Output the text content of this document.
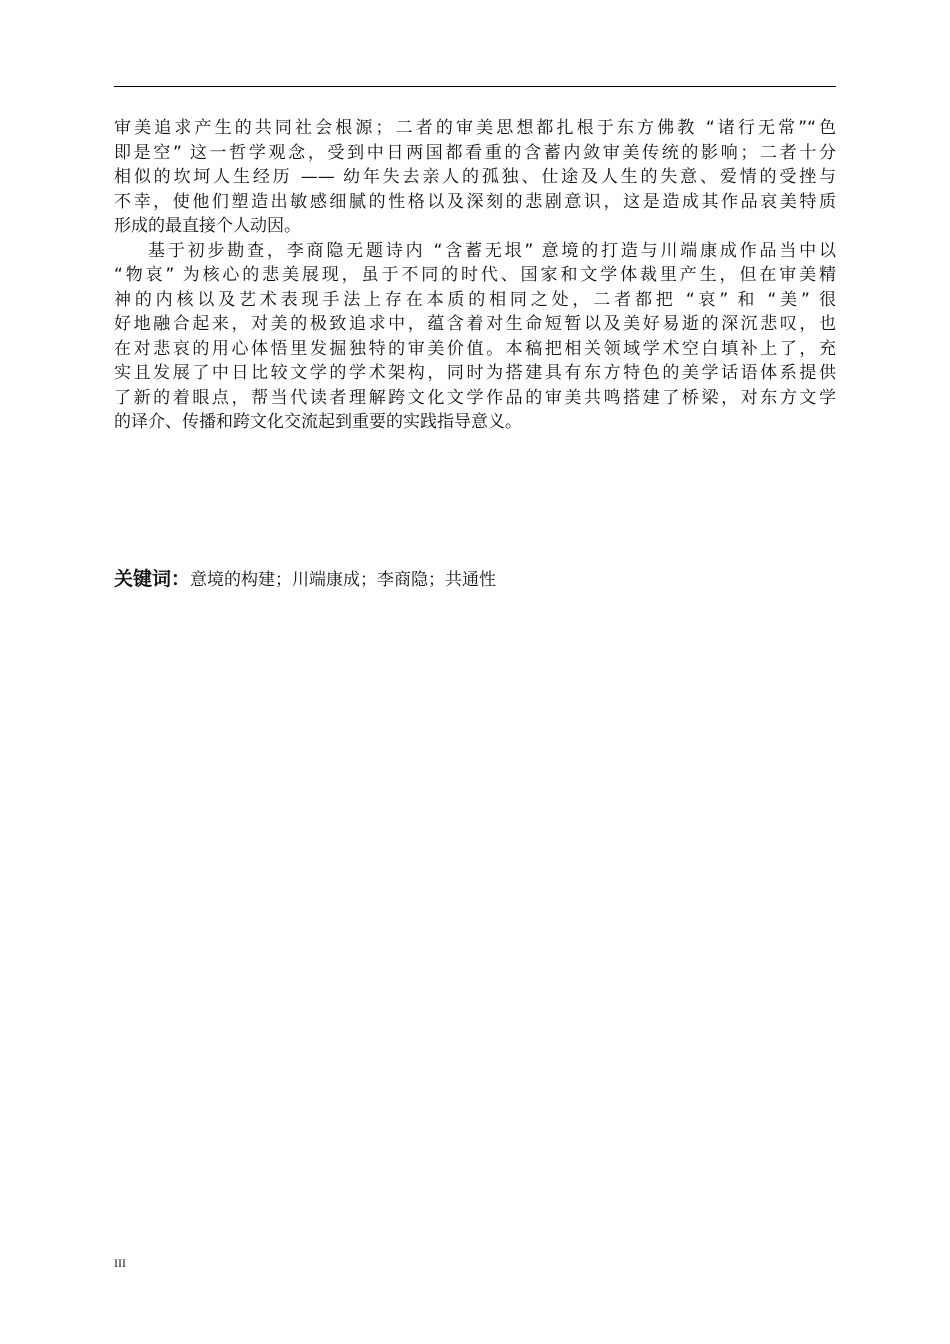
审美追求产生的共同社会根源；二者的审美思想都扎根于东方佛教 “诸行无常”“色
即是空” 这一哲学观念，受到中日两国都看重的含蓄内敛审美传统的影响；二者十分
相似的坎坷人生经历 —— 幼年失去亲人的孤独、仕途及人生的失意、爱情的受挫与
不幸，使他们塑造出敏感细腻的性格以及深刻的悲剧意识，这是造成其作品哀美特质
形成的最直接个人动因。
基于初步勘查，李商隐无题诗内 “含蓄无垠” 意境的打造与川端康成作品当中以
“物哀” 为核心的悲美展现，虽于不同的时代、国家和文学体裁里产生，但在审美精
神的内核以及艺术表现手法上存在本质的相同之处，二者都把 “哀” 和 “美” 很
好地融合起来，对美的极致追求中，蕴含着对生命短暂以及美好易逝的深沉悲叹，也
在对悲哀的用心体悟里发掘独特的审美价值。本稿把相关领域学术空白填补上了，充
实且发展了中日比较文学的学术架构，同时为搭建具有东方特色的美学话语体系提供
了新的着眼点，帮当代读者理解跨文化文学作品的审美共鸣搭建了桥梁，对东方文学
的译介、传播和跨文化交流起到重要的实践指导意义。
关键词：意境的构建；川端康成；李商隐；共通性
III
